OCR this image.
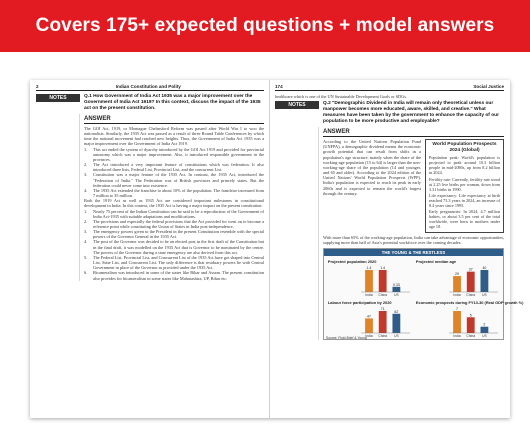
Covers 175+ expected questions + model answers
2	Indian Constitution and Polity
NOTES	Q.1 How Government of India Act 1935 was a major improvement over the Government of India Act 1919? In this context, discuss the impact of the 1935 act on the present constitution.
ANSWER

The GOI Act, 1919, or Montague Chelmsford Reform was passed after World War I to woo the nationalists. Similarly, the 1935 Act was passed as a result of three Round Table Conferences by which time the national movement had reached new heights. Thus, the Government of India Act 1935 was a major improvement over the Government of India Act 1919.

1.	This act ended the system of dyarchy introduced by the GOI Act 1919 and provided for provincial autonomy which was a major improvement. Also, it introduced responsible government in the provinces.
2.	The Act introduced a very important feature of constitutions which was federation. It also introduced three lists, Federal List, Provincial List, and the concurrent List.
3.	Constitution was a major feature of the 1935 Act. In contrast, the 1935 Act, introduced the "Federation of India." The Federation was of British provinces and princely states. But the federation could never come into existence.
4.	The 1935 Act extended the franchise to about 10% of the population. The franchise increased from 7 million to 35 million.

Both the 1919 Act as well as 1935 Act are considered important milestones in constitutional development in India. In this context, the 1935 Act is having a major impact on the present constitution.

1.	Nearly 75 percent of the Indian Constitution can be said to be a reproduction of the Government of India Act-1935 with suitable adaptations and modifications.
2.	The provisions and especially the federal provisions that the Act provided for went on to become a reference point while constituting the Union of States in India post-independence.
3.	The emergency powers given to the President in the present Constitution resemble with the special powers of the Governor General in the 1935 Act.
4.	The post of the Governor was decided to be an elected post in the first draft of the Constitution but in the final draft, it was modelled on the 1935 Act that is Governor to be nominated by the centre. The powers of the Governor during a state emergency are also derived from this act.
5.	The Federal List, Provincial List, and Concurrent List of the 1935 Act have got shaped into Central List, State List, and Concurrent List. The only difference is that residuary powers lie with Central Government in place of the Governor as provided under the 1935 Act.
6.	Bicameralism was introduced in some of the states like Bihar and Assam. The present constitution also provides for bicameralism in some states like Maharashtra, UP, Bihar etc.
174	Social Justice

healthcare which is one of the UN Sustainable Development Goals or SDGs.

NOTES	Q.2 "Demographic Dividend in India will remain only theoretical unless our manpower becomes more educated, aware, skilled, and creative." What measures have been taken by the government to enhance the capacity of our population to be more productive and employable?
ANSWER

According to the United Nations Population Fund (UNFPA), a demographic dividend means the economic growth potential that can result from shifts in a population's age structure, mainly when the share of the working-age population (15 to 64) is larger than the non-working-age share of the population (14 and younger, and 65 and older). According to the 2024 edition of the United Nations' World Population Prospects (WPP), India's population is expected to reach its peak in early 2060s and is expected to remain the world's largest through the century.

World Population Prospects 2024 (Global)

Population peak: World's population is projected to peak around 10.3 billion people in mid-2080s, up from 8.2 billion in 2024.

Fertility rate: Currently, fertility rate stood at 2.25 live births per woman, down from 3.31 births in 1990.

Life expectancy: Life expectancy at birth reached 73.3 years in 2024, an increase of 8.4 years since 1995.

Early pregnancies: In 2024, 4.7 million babies, or about 3.5 per cent of the total worldwide, were born to mothers under age 18.

With more than 65% of the working-age population, India can take advantage of economic opportunities, supplying more than half of Asia's potential workforce over the coming decades.

THE YOUNG & THE RESTLESS
Projected population 2020
1.4
India
1.4
China
0.33
US
Projected median age
29
India
37
China
40
US
Labour force participation by 2020
47
India
71
China
62
US
Economic prospects during FY13-30 (Real GDP growth %)
7
India
5
China
2
US
Source: Fluid-Brief & Young
